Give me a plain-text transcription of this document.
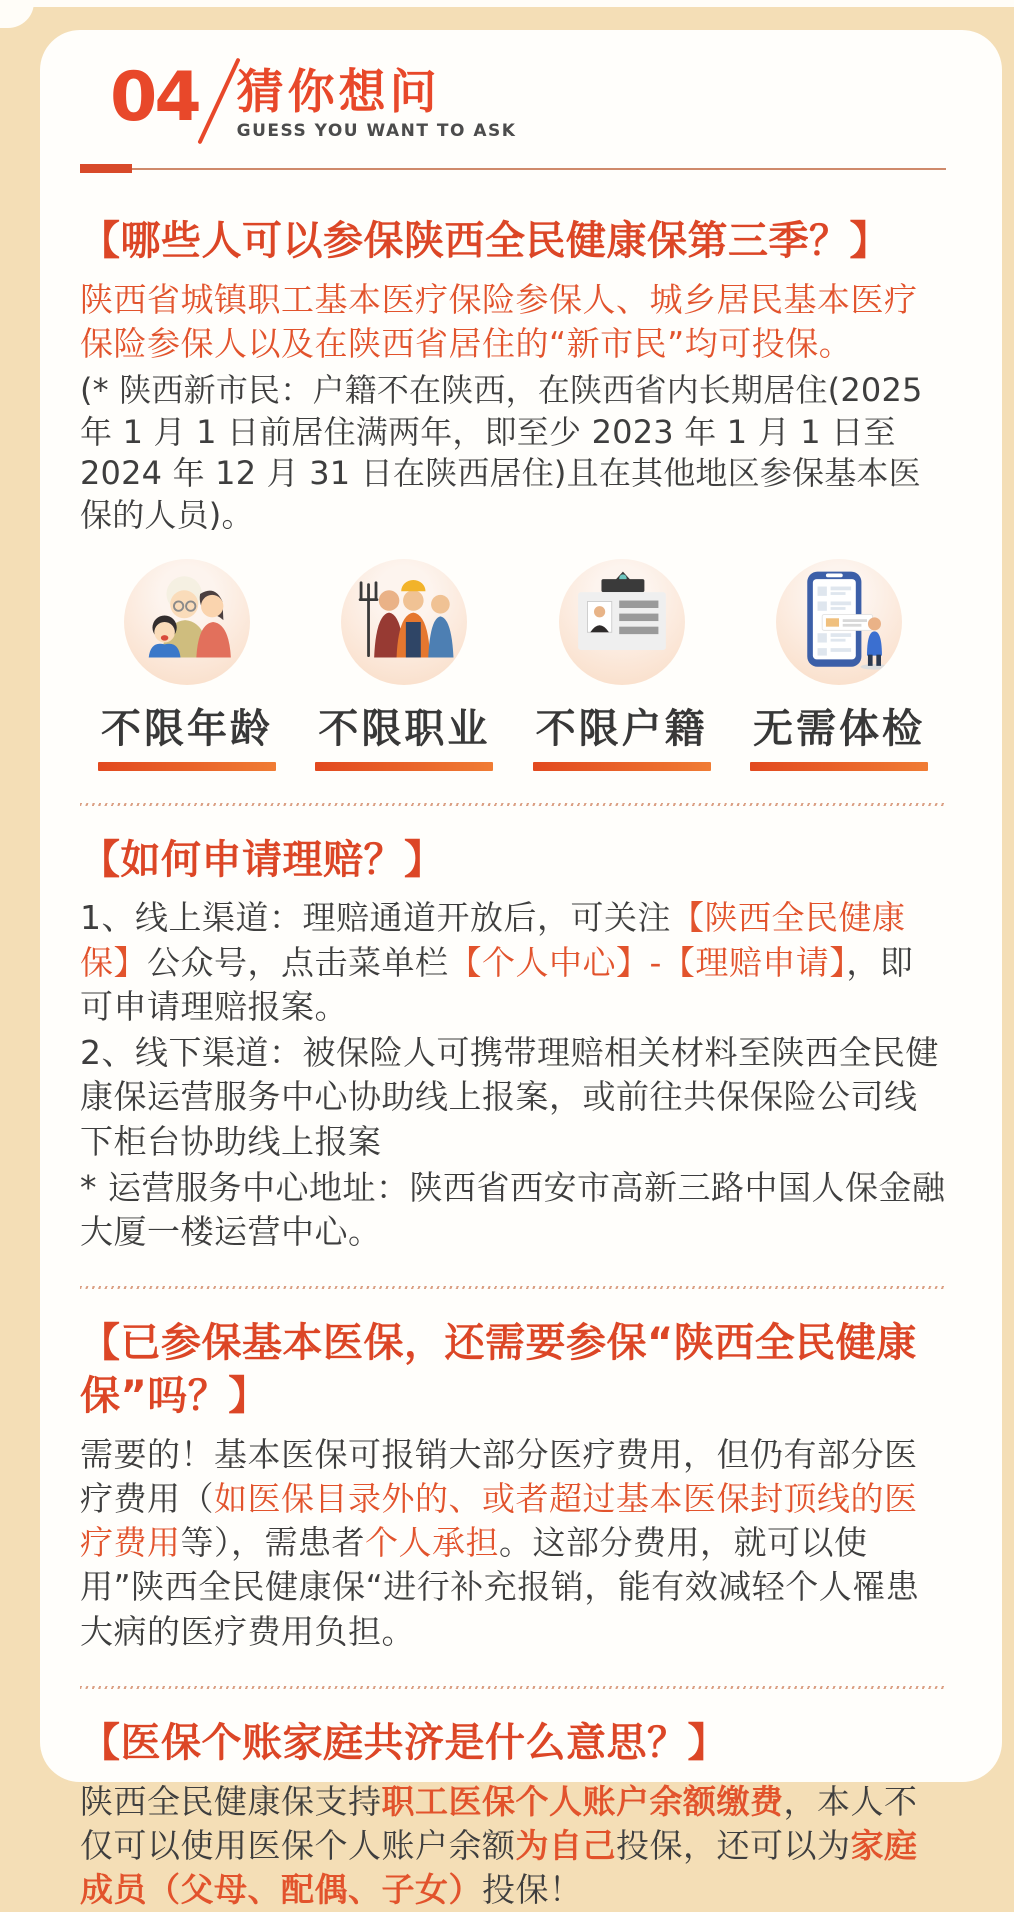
04 猜你想问
GUESS YOU WANT TO ASK
【哪些人可以参保陕西全民健康保第三季？】

陕西省城镇职工基本医疗保险参保人、城乡居民基本医疗保险参保人以及在陕西省居住的“新市民”均可投保。

(* 陕西新市民：户籍不在陕西，在陕西省内长期居住(2025 年 1 月 1 日前居住满两年，即至少 2023 年 1 月 1 日至 2024 年 12 月 31 日在陕西居住)且在其他地区参保基本医保的人员)。

不限年龄 不限职业 不限户籍 无需体检
【如何申请理赔？】

1、线上渠道：理赔通道开放后，可关注【陕西全民健康保】公众号，点击菜单栏【个人中心】-【理赔申请】，即可申请理赔报案。

2、线下渠道：被保险人可携带理赔相关材料至陕西全民健康保运营服务中心协助线上报案，或前往共保保险公司线下柜台协助线上报案

* 运营服务中心地址：陕西省西安市高新三路中国人保金融大厦一楼运营中心。

【已参保基本医保，还需要参保“陕西全民健康保”吗？】

需要的！基本医保可报销大部分医疗费用，但仍有部分医疗费用（如医保目录外的、或者超过基本医保封顶线的医疗费用等），需患者个人承担。这部分费用，就可以使用”陕西全民健康保“进行补充报销，能有效减轻个人罹患大病的医疗费用负担。

【医保个账家庭共济是什么意思？】

陕西全民健康保支持职工医保个人账户余额缴费，本人不仅可以使用医保个人账户余额为自己投保，还可以为家庭成员（父母、配偶、子女）投保！
